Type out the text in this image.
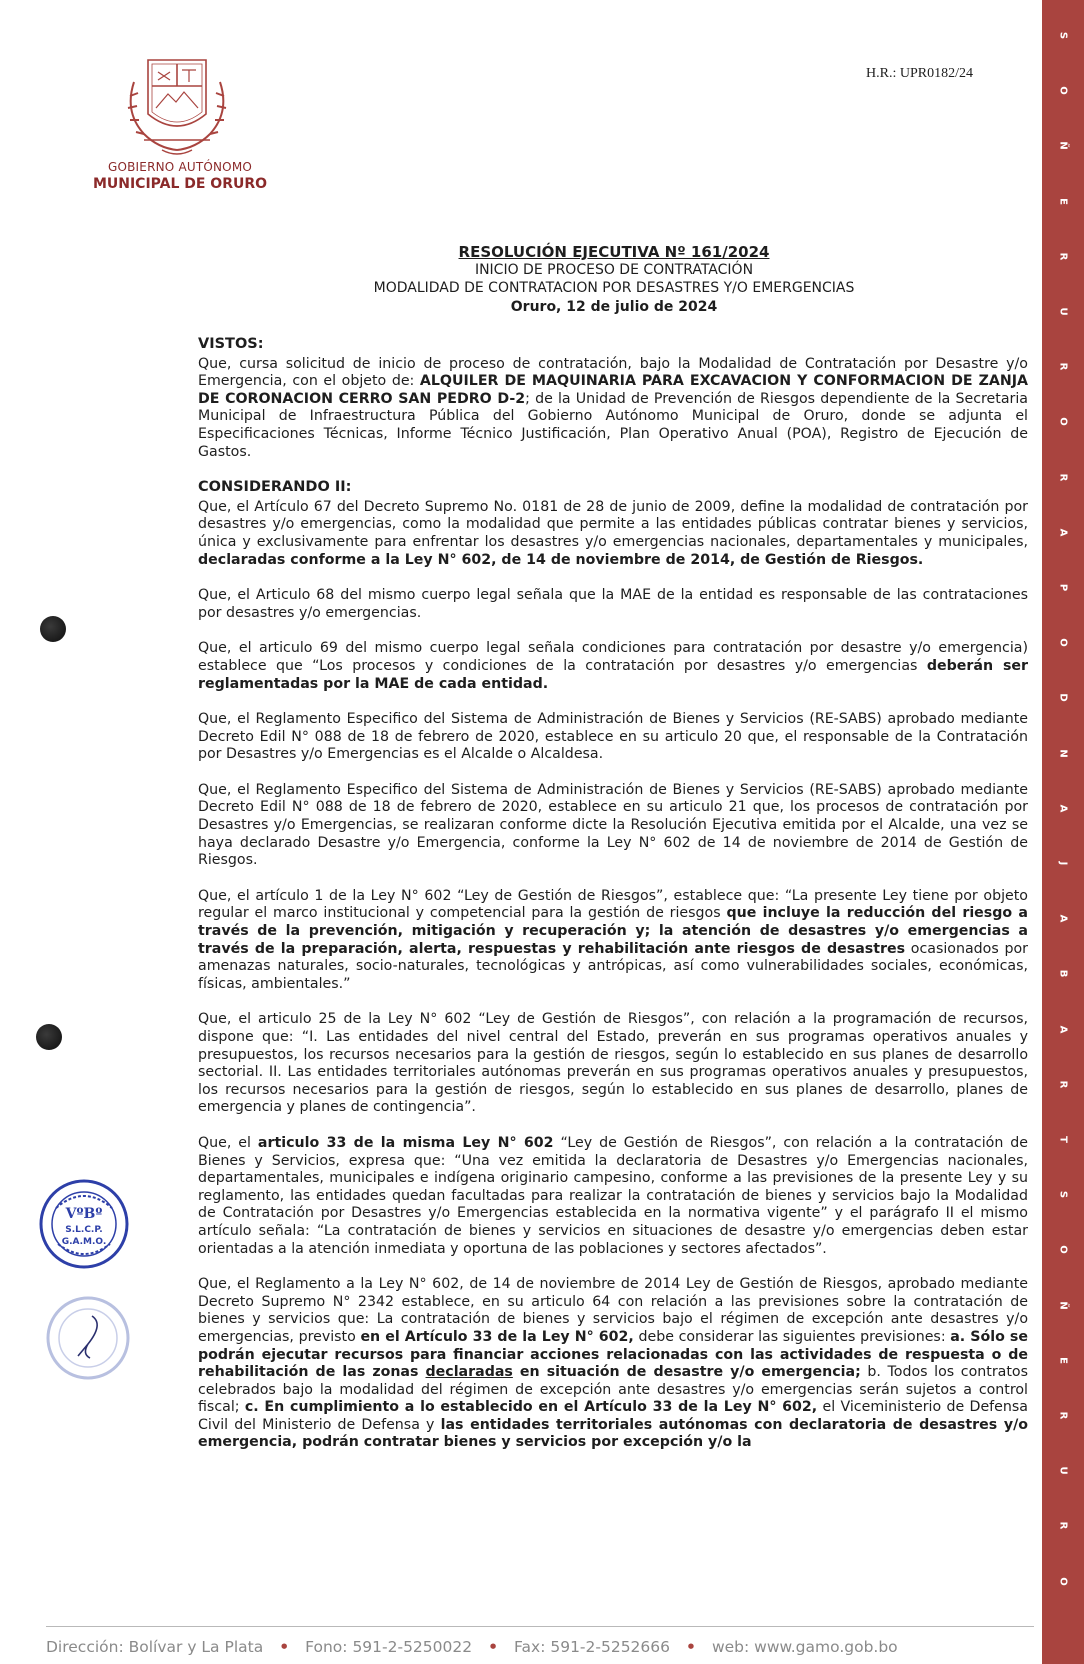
GOBIERNO AUTÓNOMO
MUNICIPAL DE ORURO
H.R.: UPR0182/24
S
O
Ñ
E
R
U
R
O
R
A
P
O
D
N
A
J
A
B
A
R
T
S
O
Ñ
E
R
U
R
O
RESOLUCIÓN EJECUTIVA Nº 161/2024
INICIO DE PROCESO DE CONTRATACIÓN
MODALIDAD DE CONTRATACION POR DESASTRES Y/O EMERGENCIAS
Oruro, 12 de julio de 2024
VISTOS:

Que, cursa solicitud de inicio de proceso de contratación, bajo la Modalidad de Contratación por Desastre y/o Emergencia, con el objeto de: ALQUILER DE MAQUINARIA PARA EXCAVACION Y CONFORMACION DE ZANJA DE CORONACION CERRO SAN PEDRO D-2; de la Unidad de Prevención de Riesgos dependiente de la Secretaria Municipal de Infraestructura Pública del Gobierno Autónomo Municipal de Oruro, donde se adjunta el Especificaciones Técnicas, Informe Técnico Justificación, Plan Operativo Anual (POA), Registro de Ejecución de Gastos.

CONSIDERANDO II:

Que, el Artículo 67 del Decreto Supremo No. 0181 de 28 de junio de 2009, define la modalidad de contratación por desastres y/o emergencias, como la modalidad que permite a las entidades públicas contratar bienes y servicios, única y exclusivamente para enfrentar los desastres y/o emergencias nacionales, departamentales y municipales, declaradas conforme a la Ley N° 602, de 14 de noviembre de 2014, de Gestión de Riesgos.

Que, el Articulo 68 del mismo cuerpo legal señala que la MAE de la entidad es responsable de las contrataciones por desastres y/o emergencias.

Que, el articulo 69 del mismo cuerpo legal señala condiciones para contratación por desastre y/o emergencia) establece que “Los procesos y condiciones de la contratación por desastres y/o emergencias deberán ser reglamentadas por la MAE de cada entidad.

Que, el Reglamento Especifico del Sistema de Administración de Bienes y Servicios (RE-SABS) aprobado mediante Decreto Edil N° 088 de 18 de febrero de 2020, establece en su articulo 20 que, el responsable de la Contratación por Desastres y/o Emergencias es el Alcalde o Alcaldesa.

Que, el Reglamento Especifico del Sistema de Administración de Bienes y Servicios (RE-SABS) aprobado mediante Decreto Edil N° 088 de 18 de febrero de 2020, establece en su articulo 21 que, los procesos de contratación por Desastres y/o Emergencias, se realizaran conforme dicte la Resolución Ejecutiva emitida por el Alcalde, una vez se haya declarado Desastre y/o Emergencia, conforme la Ley N° 602 de 14 de noviembre de 2014 de Gestión de Riesgos.

Que, el artículo 1 de la Ley N° 602 “Ley de Gestión de Riesgos”, establece que: “La presente Ley tiene por objeto regular el marco institucional y competencial para la gestión de riesgos que incluye la reducción del riesgo a través de la prevención, mitigación y recuperación y; la atención de desastres y/o emergencias a través de la preparación, alerta, respuestas y rehabilitación ante riesgos de desastres ocasionados por amenazas naturales, socio-naturales, tecnológicas y antrópicas, así como vulnerabilidades sociales, económicas, físicas, ambientales.”

Que, el articulo 25 de la Ley N° 602 “Ley de Gestión de Riesgos”, con relación a la programación de recursos, dispone que: “I. Las entidades del nivel central del Estado, preverán en sus programas operativos anuales y presupuestos, los recursos necesarios para la gestión de riesgos, según lo establecido en sus planes de desarrollo sectorial. II. Las entidades territoriales autónomas preverán en sus programas operativos anuales y presupuestos, los recursos necesarios para la gestión de riesgos, según lo establecido en sus planes de desarrollo, planes de emergencia y planes de contingencia”.

Que, el articulo 33 de la misma Ley N° 602 “Ley de Gestión de Riesgos”, con relación a la contratación de Bienes y Servicios, expresa que: “Una vez emitida la declaratoria de Desastres y/o Emergencias nacionales, departamentales, municipales e indígena originario campesino, conforme a las previsiones de la presente Ley y su reglamento, las entidades quedan facultadas para realizar la contratación de bienes y servicios bajo la Modalidad de Contratación por Desastres y/o Emergencias establecida en la normativa vigente” y el parágrafo II el mismo artículo señala: “La contratación de bienes y servicios en situaciones de desastre y/o emergencias deben estar orientadas a la atención inmediata y oportuna de las poblaciones y sectores afectados”.

Que, el Reglamento a la Ley N° 602, de 14 de noviembre de 2014 Ley de Gestión de Riesgos, aprobado mediante Decreto Supremo N° 2342 establece, en su articulo 64 con relación a las previsiones sobre la contratación de bienes y servicios que: La contratación de bienes y servicios bajo el régimen de excepción ante desastres y/o emergencias, previsto en el Artículo 33 de la Ley N° 602, debe considerar las siguientes previsiones: a. Sólo se podrán ejecutar recursos para financiar acciones relacionadas con las actividades de respuesta o de rehabilitación de las zonas declaradas en situación de desastre y/o emergencia; b. Todos los contratos celebrados bajo la modalidad del régimen de excepción ante desastres y/o emergencias serán sujetos a control fiscal; c. En cumplimiento a lo establecido en el Artículo 33 de la Ley N° 602, el Viceministerio de Defensa Civil del Ministerio de Defensa y las entidades territoriales autónomas con declaratoria de desastres y/o emergencia, podrán contratar bienes y servicios por excepción y/o la

VºBº
S.L.C.P.
G.A.M.O.
Dirección: Bolívar y La Plata • Fono: 591-2-5250022 • Fax: 591-2-5252666 • web: www.gamo.gob.bo
